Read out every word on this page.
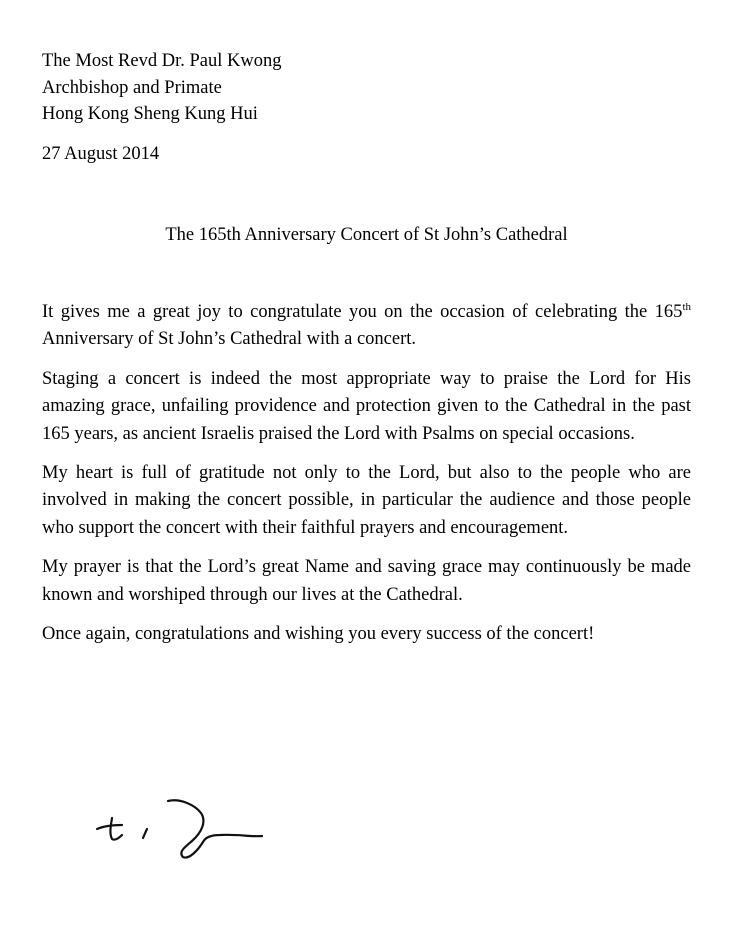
The Most Revd Dr. Paul Kwong
Archbishop and Primate
Hong Kong Sheng Kung Hui
27 August 2014
The 165th Anniversary Concert of St John’s Cathedral

It gives me a great joy to congratulate you on the occasion of celebrating the 165th Anniversary of St John’s Cathedral with a concert.

Staging a concert is indeed the most appropriate way to praise the Lord for His amazing grace, unfailing providence and protection given to the Cathedral in the past 165 years, as ancient Israelis praised the Lord with Psalms on special occasions.

My heart is full of gratitude not only to the Lord, but also to the people who are involved in making the concert possible, in particular the audience and those people who support the concert with their faithful prayers and encouragement.

My prayer is that the Lord’s great Name and saving grace may continuously be made known and worshiped through our lives at the Cathedral.

Once again, congratulations and wishing you every success of the concert!
